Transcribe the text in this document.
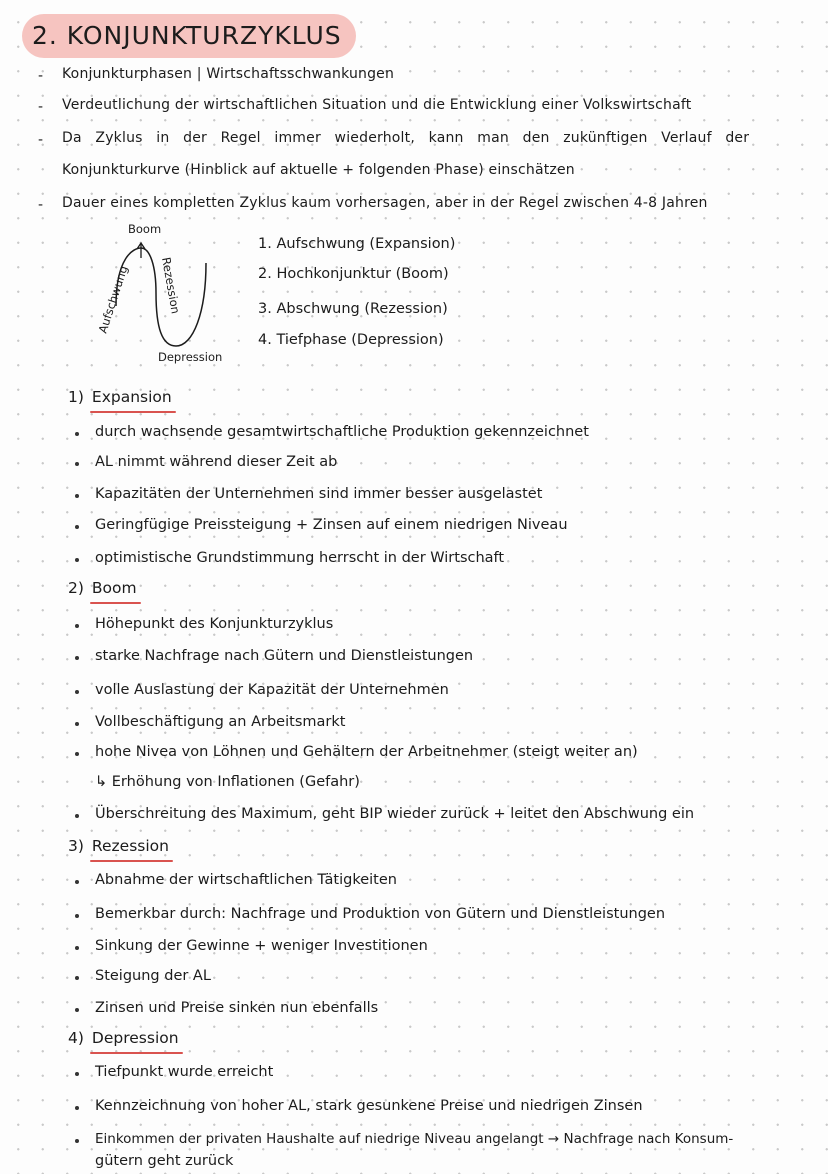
2. KONJUNKTURZYKLUS
- Konjunkturphasen | Wirtschaftsschwankungen
- Verdeutlichung der wirtschaftlichen Situation und die Entwicklung einer Volkswirtschaft
- Da Zyklus in der Regel immer wiederholt, kann man den zukünftigen Verlauf der
Konjunkturkurve (Hinblick auf aktuelle + folgenden Phase) einschätzen
- Dauer eines kompletten Zyklus kaum vorhersagen, aber in der Regel zwischen 4-8 Jahren
Boom
Aufschwung Rezession
Depression
1. Aufschwung (Expansion)
2. Hochkonjunktur (Boom)
3. Abschwung (Rezession)
4. Tiefphase (Depression)
1) Expansion
durch wachsende gesamtwirtschaftliche Produktion gekennzeichnet
AL nimmt während dieser Zeit ab
Kapazitäten der Unternehmen sind immer besser ausgelastet
Geringfügige Preissteigung + Zinsen auf einem niedrigen Niveau
optimistische Grundstimmung herrscht in der Wirtschaft
2) Boom
Höhepunkt des Konjunkturzyklus
starke Nachfrage nach Gütern und Dienstleistungen
volle Auslastung der Kapazität der Unternehmen
Vollbeschäftigung an Arbeitsmarkt
hohe Nivea von Löhnen und Gehältern der Arbeitnehmer (steigt weiter an)
↳ Erhöhung von Inflationen (Gefahr)
Überschreitung des Maximum, geht BIP wieder zurück + leitet den Abschwung ein
3) Rezession
Abnahme der wirtschaftlichen Tätigkeiten
Bemerkbar durch: Nachfrage und Produktion von Gütern und Dienstleistungen
Sinkung der Gewinne + weniger Investitionen
Steigung der AL
Zinsen und Preise sinken nun ebenfalls
4) Depression
Tiefpunkt wurde erreicht
Kennzeichnung von hoher AL, stark gesunkene Preise und niedrigen Zinsen
Einkommen der privaten Haushalte auf niedrige Niveau angelangt → Nachfrage nach Konsum-
gütern geht zurück
